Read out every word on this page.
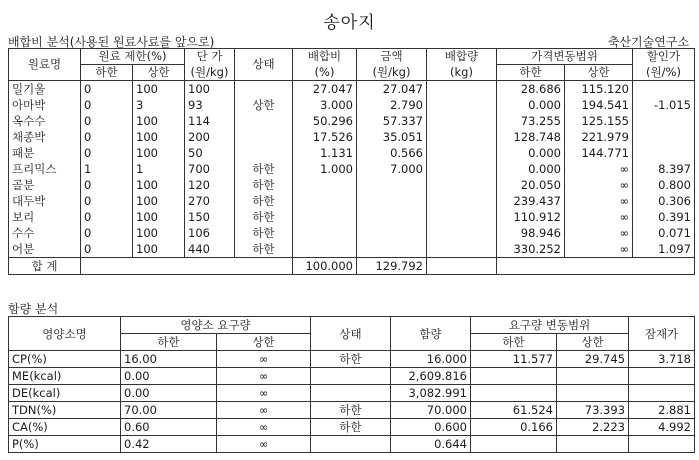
송아지
배합비 분석(사용된 원료사료를 앞으로)	축산기술연구소
원료명	원료 제한(%)		단 가	상태	배합비	금액	배합량	가격변동범위		할인가
	하한	상한	(원/kg)		(%)	(원/kg)	(kg)	하한	상한	(원/%)
밀기울	0	100	100		27.047	27.047		28.686	115.120	
아마박	0	3	93	상한	3.000	2.790		0.000	194.541	-1.015
옥수수	0	100	114		50.296	57.337		73.255	125.155	
채종박	0	100	200		17.526	35.051		128.748	221.979	
패분	0	100	50		1.131	0.566		0.000	144.771	
프리믹스	1	1	700	하한	1.000	7.000		0.000	∞	8.397
골분	0	100	120	하한				20.050	∞	0.800
대두박	0	100	270	하한				239.437	∞	0.306
보리	0	100	150	하한				110.912	∞	0.391
수수	0	100	106	하한				98.946	∞	0.071
어분	0	100	440	하한				330.252	∞	1.097
합 계					100.000	129.792				
함량 분석
영양소명	영양소 요구량		상태	함량	요구량 변동범위		잠재가
	하한	상한			하한	상한	
CP(%)	16.00	∞	하한	16.000	11.577	29.745	3.718
ME(kcal)	0.00	∞		2,609.816			
DE(kcal)	0.00	∞		3,082.991			
TDN(%)	70.00	∞	하한	70.000	61.524	73.393	2.881
CA(%)	0.60	∞	하한	0.600	0.166	2.223	4.992
P(%)	0.42	∞		0.644			
